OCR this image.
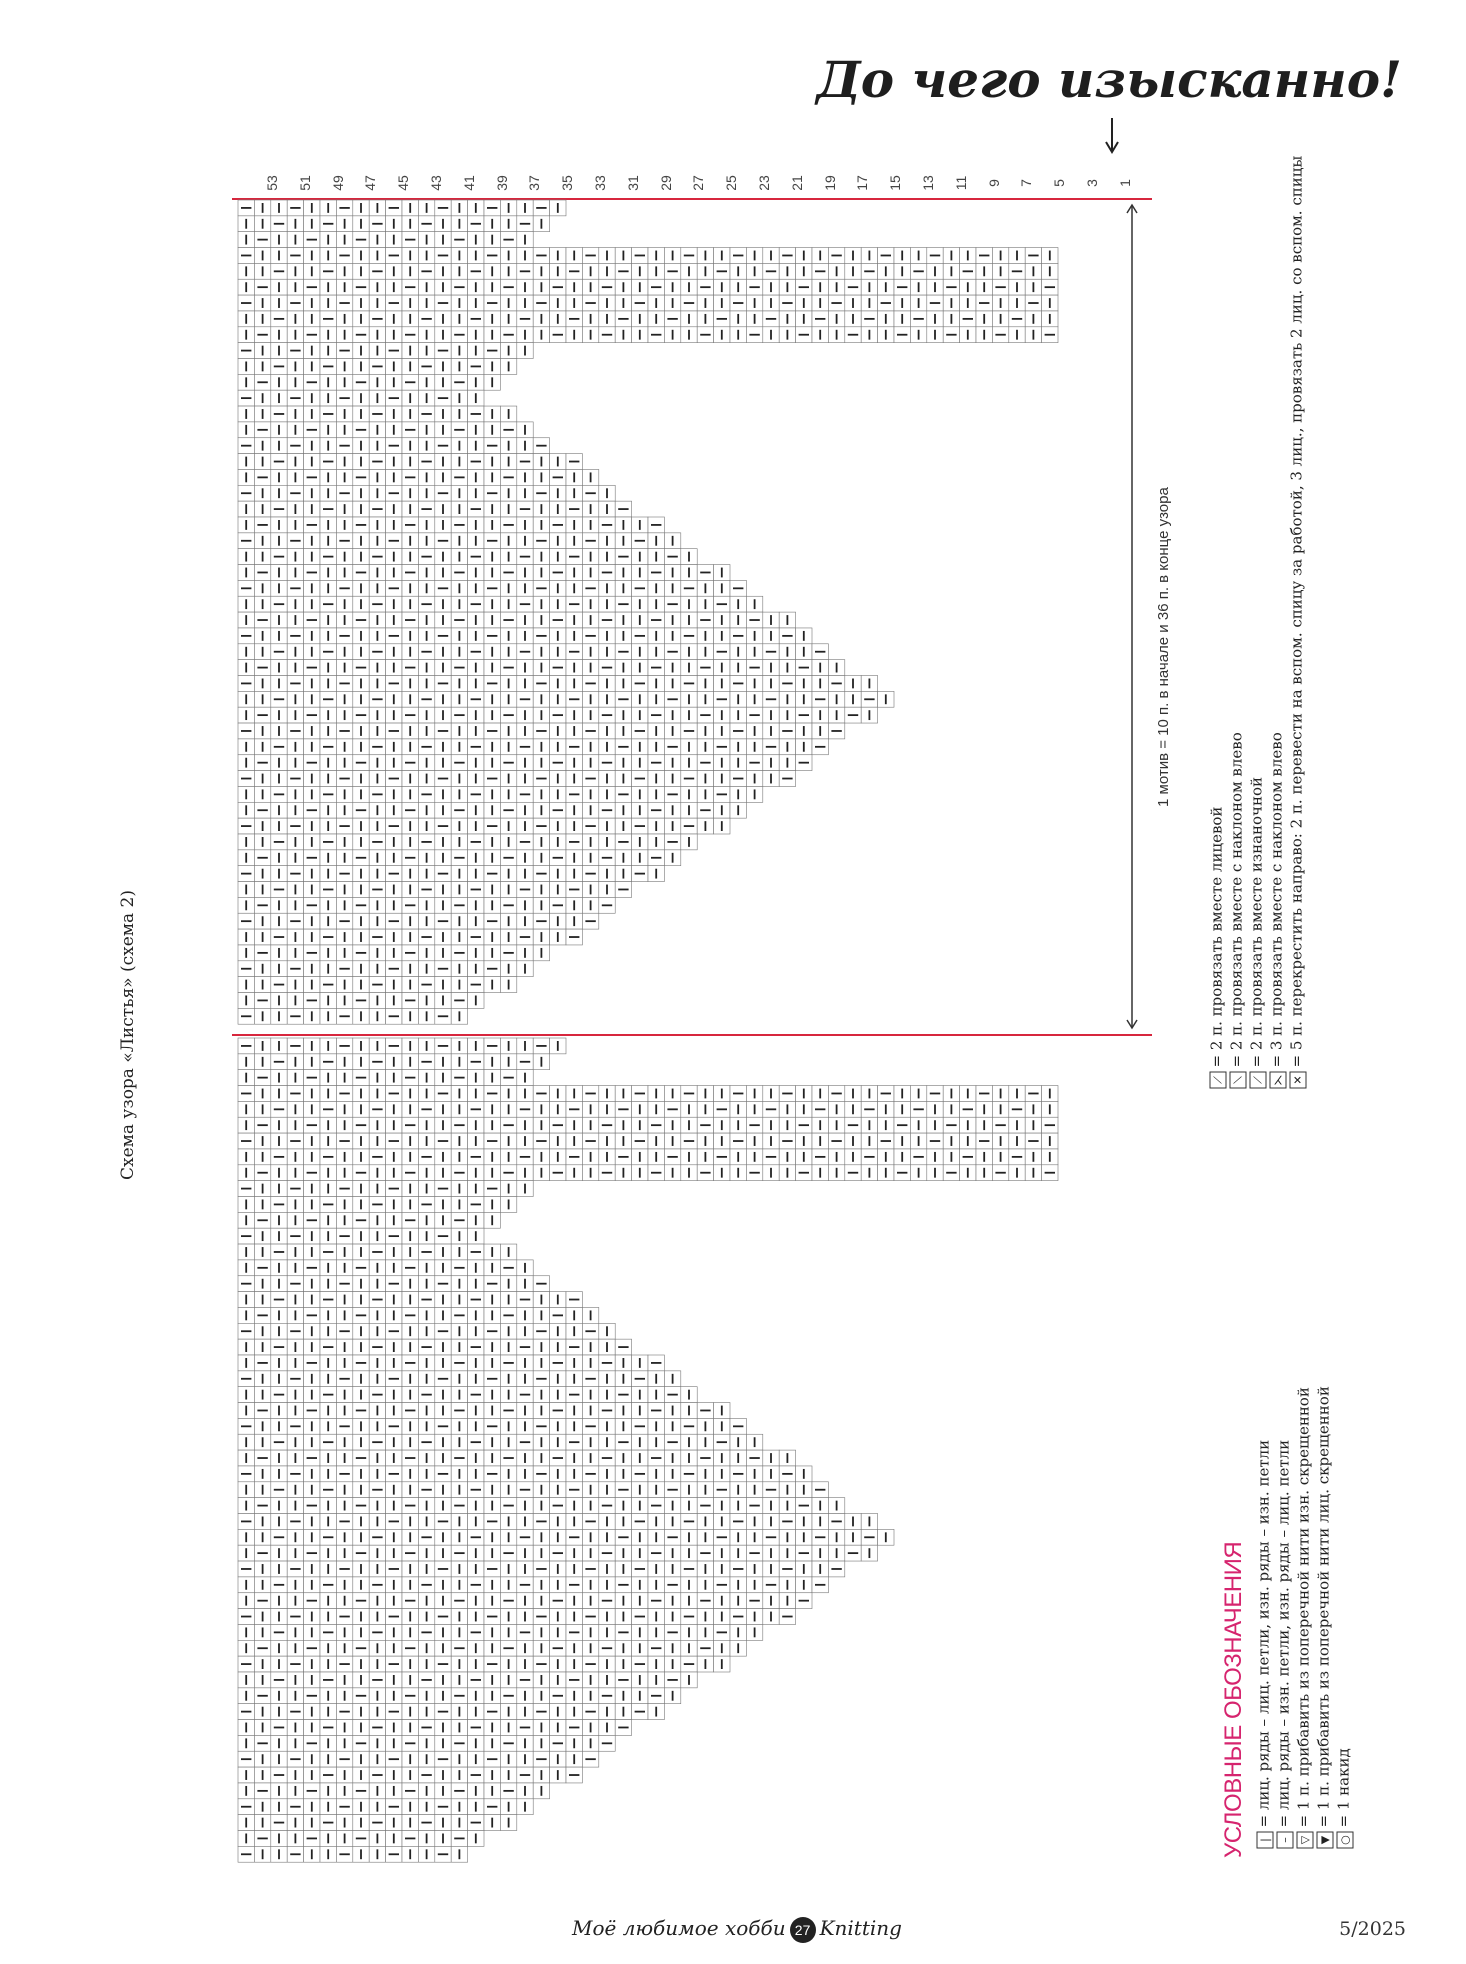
До чего изысканно!
53 51 49 47 45 43 41 39 37 35 33 31 29 27 25 23 21 19 17 15 13 11 9 7 5 3 1
Схема узора «Листья» (схема 2)
1 мотив = 10 п. в начале и 36 п. в конце узора
УСЛОВНЫЕ ОБОЗНАЧЕНИЯ	|= лиц. ряды – лиц. петли, изн. ряды – изн. петли
–= лиц. ряды – изн. петли, изн. ряды – лиц. петли
▽= 1 п. прибавить из поперечной нити изн. скрещенной
▼= 1 п. прибавить из поперечной нити лиц. скрещенной
○= 1 накид
⟋= 2 п. провязать вместе лицевой
⟍= 2 п. провязать вместе с наклоном влево
⟋= 2 п. провязать вместе изнаночной
⋋= 3 п. провязать вместе с наклоном влево
✕= 5 п. перекрестить направо: 2 п. перевести на вспом. спицу за работой, 3 лиц., провязать 2 лиц. со вспом. спицы
Моё любимое хобби 27 Knitting	5/2025
